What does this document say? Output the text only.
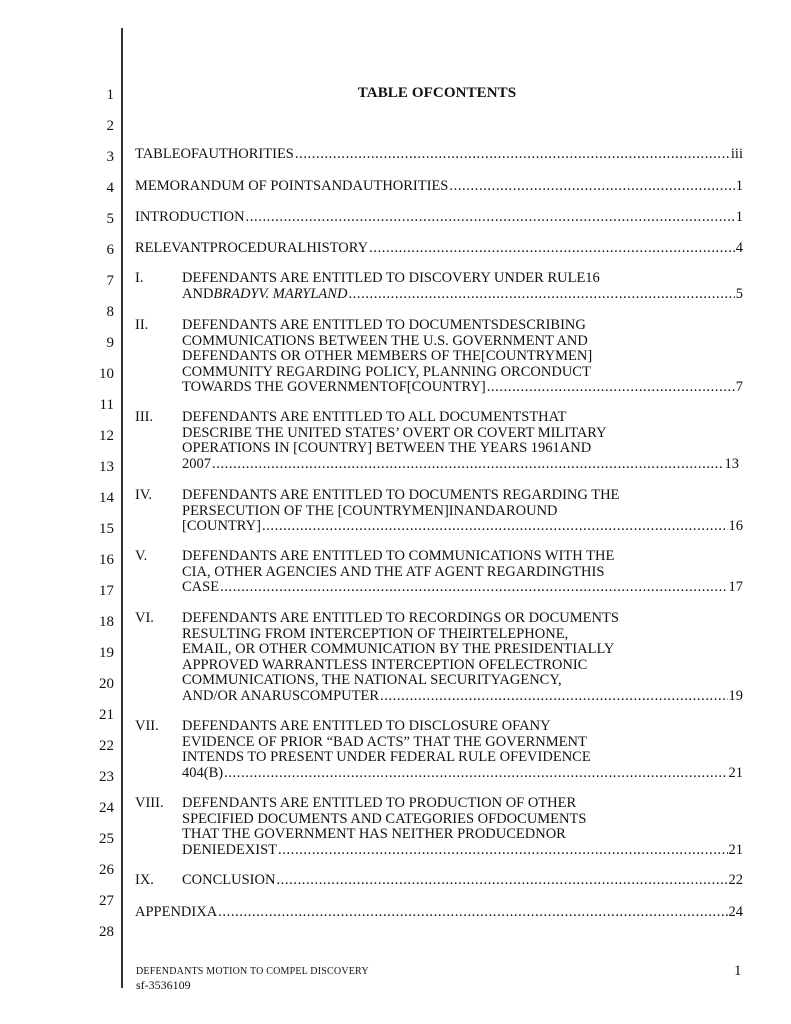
1
2
3
4
5
6
7
8
9
10
11
12
13
14
15
16
17
18
19
20
21
22
23
24
25
26
27
28
TABLE OFCONTENTS
TABLEOFAUTHORITIES .....	iii
MEMORANDUM OF POINTSANDAUTHORITIES .....	1
INTRODUCTION .....	1
RELEVANTPROCEDURALHISTORY .....	4
I.	DEFENDANTS ARE ENTITLED TO DISCOVERY UNDER RULE16
ANDBRADYV. MARYLAND .....	5
II. DEFENDANTS ARE ENTITLED TO DOCUMENTSDESCRIBING
COMMUNICATIONS BETWEEN THE U.S. GOVERNMENT AND
DEFENDANTS OR OTHER MEMBERS OF THE[COUNTRYMEN]
COMMUNITY REGARDING POLICY, PLANNING ORCONDUCT
TOWARDS THE GOVERNMENTOF[COUNTRY] .....	7
III. DEFENDANTS ARE ENTITLED TO ALL DOCUMENTSTHAT
DESCRIBE THE UNITED STATES’ OVERT OR COVERT MILITARY
OPERATIONS IN [COUNTRY] BETWEEN THE YEARS 1961AND
2007 .....	13
IV. DEFENDANTS ARE ENTITLED TO DOCUMENTS REGARDING THE
PERSECUTION OF THE [COUNTRYMEN]INANDAROUND
[COUNTRY] .....	16
V. DEFENDANTS ARE ENTITLED TO COMMUNICATIONS WITH THE
CIA, OTHER AGENCIES AND THE ATF AGENT REGARDINGTHIS
CASE .....	17
VI. DEFENDANTS ARE ENTITLED TO RECORDINGS OR DOCUMENTS
RESULTING FROM INTERCEPTION OF THEIRTELEPHONE,
EMAIL, OR OTHER COMMUNICATION BY THE PRESIDENTIALLY
APPROVED WARRANTLESS INTERCEPTION OFELECTRONIC
COMMUNICATIONS, THE NATIONAL SECURITYAGENCY,
AND/OR ANARUSCOMPUTER .....	19
VII. DEFENDANTS ARE ENTITLED TO DISCLOSURE OFANY
EVIDENCE OF PRIOR “BAD ACTS” THAT THE GOVERNMENT
INTENDS TO PRESENT UNDER FEDERAL RULE OFEVIDENCE
404(B) .....	21
VIII. DEFENDANTS ARE ENTITLED TO PRODUCTION OF OTHER
SPECIFIED DOCUMENTS AND CATEGORIES OFDOCUMENTS
THAT THE GOVERNMENT HAS NEITHER PRODUCEDNOR
DENIEDEXIST .....	21
IX. CONCLUSION .....	22
APPENDIXA .....	24
DEFENDANTS MOTION TO COMPEL DISCOVERY
sf-3536109
1
